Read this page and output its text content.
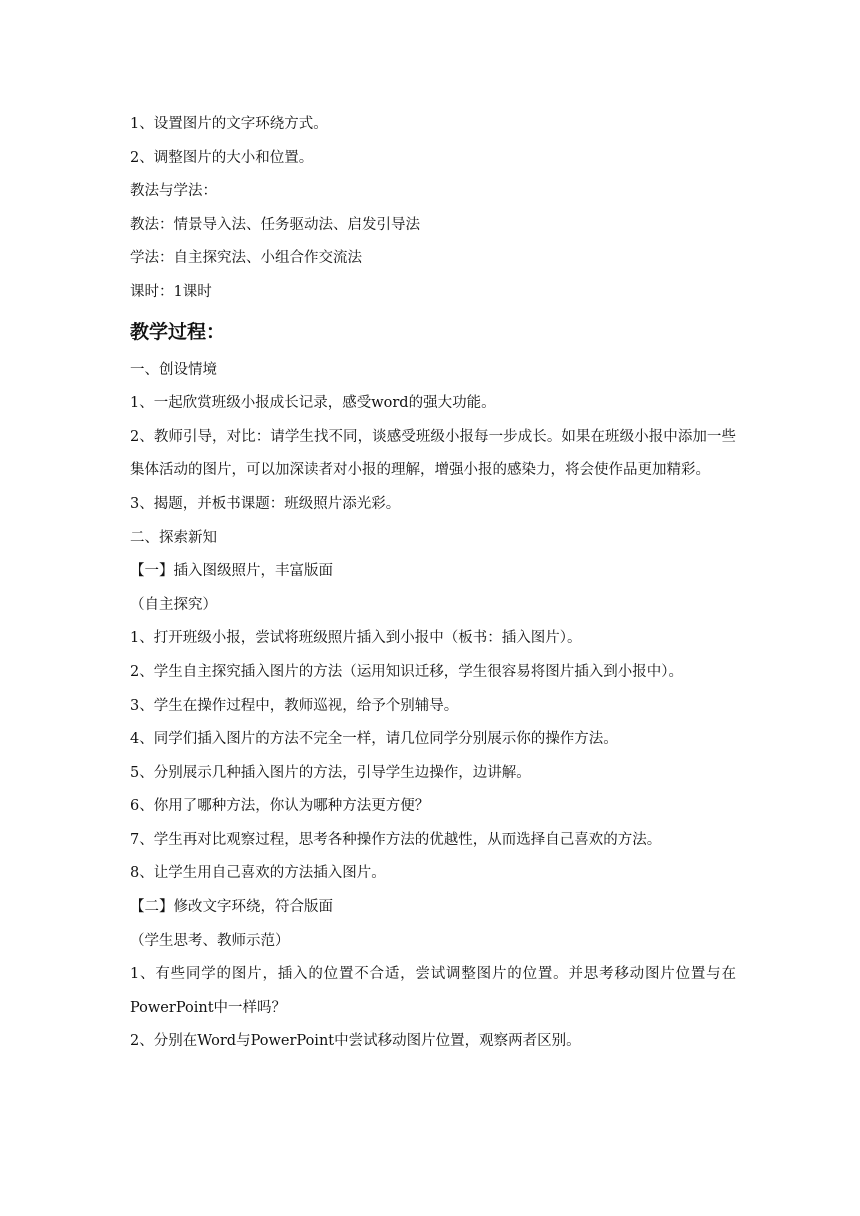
1、设置图片的文字环绕方式。

2、调整图片的大小和位置。

教法与学法：

教法：情景导入法、任务驱动法、启发引导法

学法：自主探究法、小组合作交流法

课时：1课时

教学过程：

一、创设情境

1、一起欣赏班级小报成长记录，感受word的强大功能。

2、教师引导，对比：请学生找不同，谈感受班级小报每一步成长。如果在班级小报中添加一些集体活动的图片，可以加深读者对小报的理解，增强小报的感染力，将会使作品更加精彩。

3、揭题，并板书课题：班级照片添光彩。

二、探索新知

【一】插入图级照片，丰富版面

（自主探究）

1、打开班级小报，尝试将班级照片插入到小报中（板书：插入图片）。

2、学生自主探究插入图片的方法（运用知识迁移，学生很容易将图片插入到小报中）。

3、学生在操作过程中，教师巡视，给予个别辅导。

4、同学们插入图片的方法不完全一样，请几位同学分别展示你的操作方法。

5、分别展示几种插入图片的方法，引导学生边操作，边讲解。

6、你用了哪种方法，你认为哪种方法更方便？

7、学生再对比观察过程，思考各种操作方法的优越性，从而选择自己喜欢的方法。

8、让学生用自己喜欢的方法插入图片。

【二】修改文字环绕，符合版面

（学生思考、教师示范）

1、有些同学的图片，插入的位置不合适，尝试调整图片的位置。并思考移动图片位置与在PowerPoint中一样吗？

2、分别在Word与PowerPoint中尝试移动图片位置，观察两者区别。
